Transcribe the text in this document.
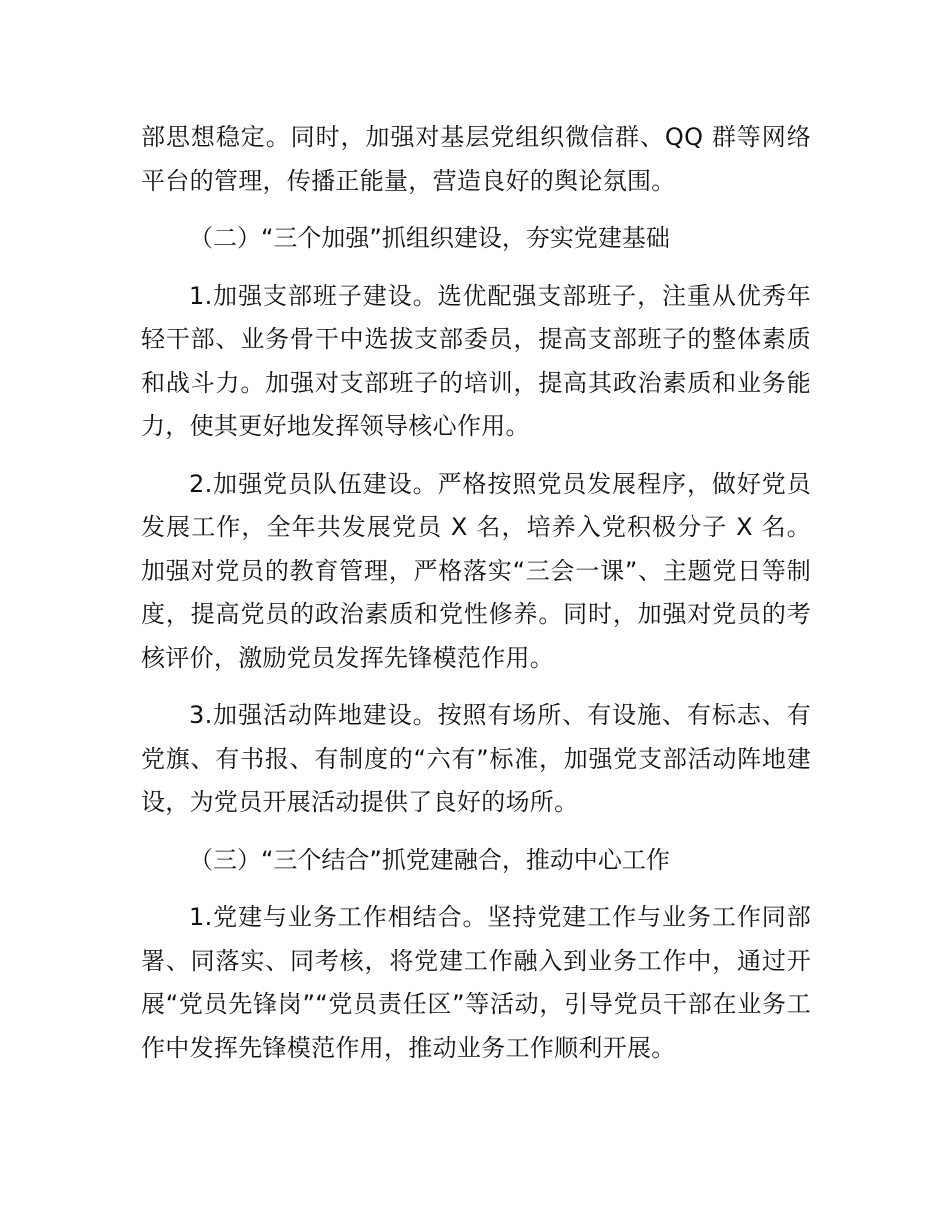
部思想稳定。同时，加强对基层党组织微信群、QQ 群等网络平台的管理，传播正能量，营造良好的舆论氛围。

（二）“三个加强”抓组织建设，夯实党建基础

1.加强支部班子建设。选优配强支部班子，注重从优秀年轻干部、业务骨干中选拔支部委员，提高支部班子的整体素质和战斗力。加强对支部班子的培训，提高其政治素质和业务能力，使其更好地发挥领导核心作用。

2.加强党员队伍建设。严格按照党员发展程序，做好党员发展工作，全年共发展党员 X 名，培养入党积极分子 X 名。加强对党员的教育管理，严格落实“三会一课”、主题党日等制度，提高党员的政治素质和党性修养。同时，加强对党员的考核评价，激励党员发挥先锋模范作用。

3.加强活动阵地建设。按照有场所、有设施、有标志、有党旗、有书报、有制度的“六有”标准，加强党支部活动阵地建设，为党员开展活动提供了良好的场所。

（三）“三个结合”抓党建融合，推动中心工作

1.党建与业务工作相结合。坚持党建工作与业务工作同部署、同落实、同考核，将党建工作融入到业务工作中，通过开展“党员先锋岗”“党员责任区”等活动，引导党员干部在业务工作中发挥先锋模范作用，推动业务工作顺利开展。
